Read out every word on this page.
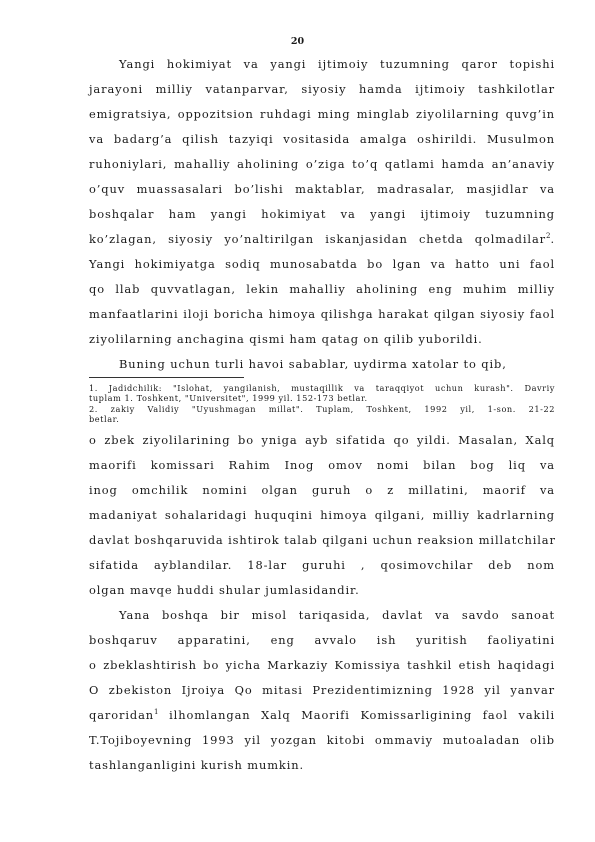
20
Yangi hokimiyat va yangi ijtimoiy tuzumning qaror topishi
jarayoni milliy vatanparvar, siyosiy hamda ijtimoiy tashkilotlar
emigratsiya, oppozitsion ruhdagi ming minglab ziyolilarning quvg’in
va badarg’a qilish tazyiqi vositasida amalga oshirildi. Musulmon
ruhoniylari, mahalliy aholining o’ziga to’q qatlami hamda an’anaviy
o’quv muassasalari bo’lishi maktablar, madrasalar, masjidlar va
boshqalar ham yangi hokimiyat va yangi ijtimoiy tuzumning
ko’zlagan, siyosiy yo’naltirilgan iskanjasidan chetda qolmadilar$^2$.
Yangi hokimiyatga sodiq munosabatda bo lgan va hatto uni faol
qo llab quvvatlagan, lekin mahalliy aholining eng muhim milliy
manfaatlarini iloji boricha himoya qilishga harakat qilgan siyosiy faol
ziyolilarning anchagina qismi ham qatag on qilib yuborildi.
Buning uchun turli havoi sabablar, uydirma xatolar to qib,
1. Jadidchilik: "Islohat, yangilanish, mustaqillik va taraqqiyot uchun kurash". Davriy
tuplam 1. Toshkent, "Universitet", 1999 yil. 152-173 betlar.
2. zakiy Validiy "Uyushmagan millat". Tuplam, Toshkent, 1992 yil, 1-son. 21-22
betlar.
o zbek ziyolilarining bo yniga ayb sifatida qo yildi. Masalan, Xalq
maorifi komissari Rahim Inog omov nomi bilan bog liq va
inog omchilik nomini olgan guruh o z millatini, maorif va
madaniyat sohalaridagi huquqini himoya qilgani, milliy kadrlarning
davlat boshqaruvida ishtirok talab qilgani uchun reaksion millatchilar
sifatida ayblandilar. 18-lar guruhi , qosimovchilar deb nom
olgan mavqe huddi shular jumlasidandir.
Yana boshqa bir misol tariqasida, davlat va savdo sanoat
boshqaruv apparatini, eng avvalo ish yuritish faoliyatini
o zbeklashtirish bo yicha Markaziy Komissiya tashkil etish haqidagi
O zbekiston Ijroiya Qo mitasi Prezidentimizning 1928 yil yanvar
qaroridan$^1$ ilhomlangan Xalq Maorifi Komissarligining faol vakili
T.Tojiboyevning 1993 yil yozgan kitobi ommaviy mutoaladan olib
tashlanganligini kurish mumkin.
